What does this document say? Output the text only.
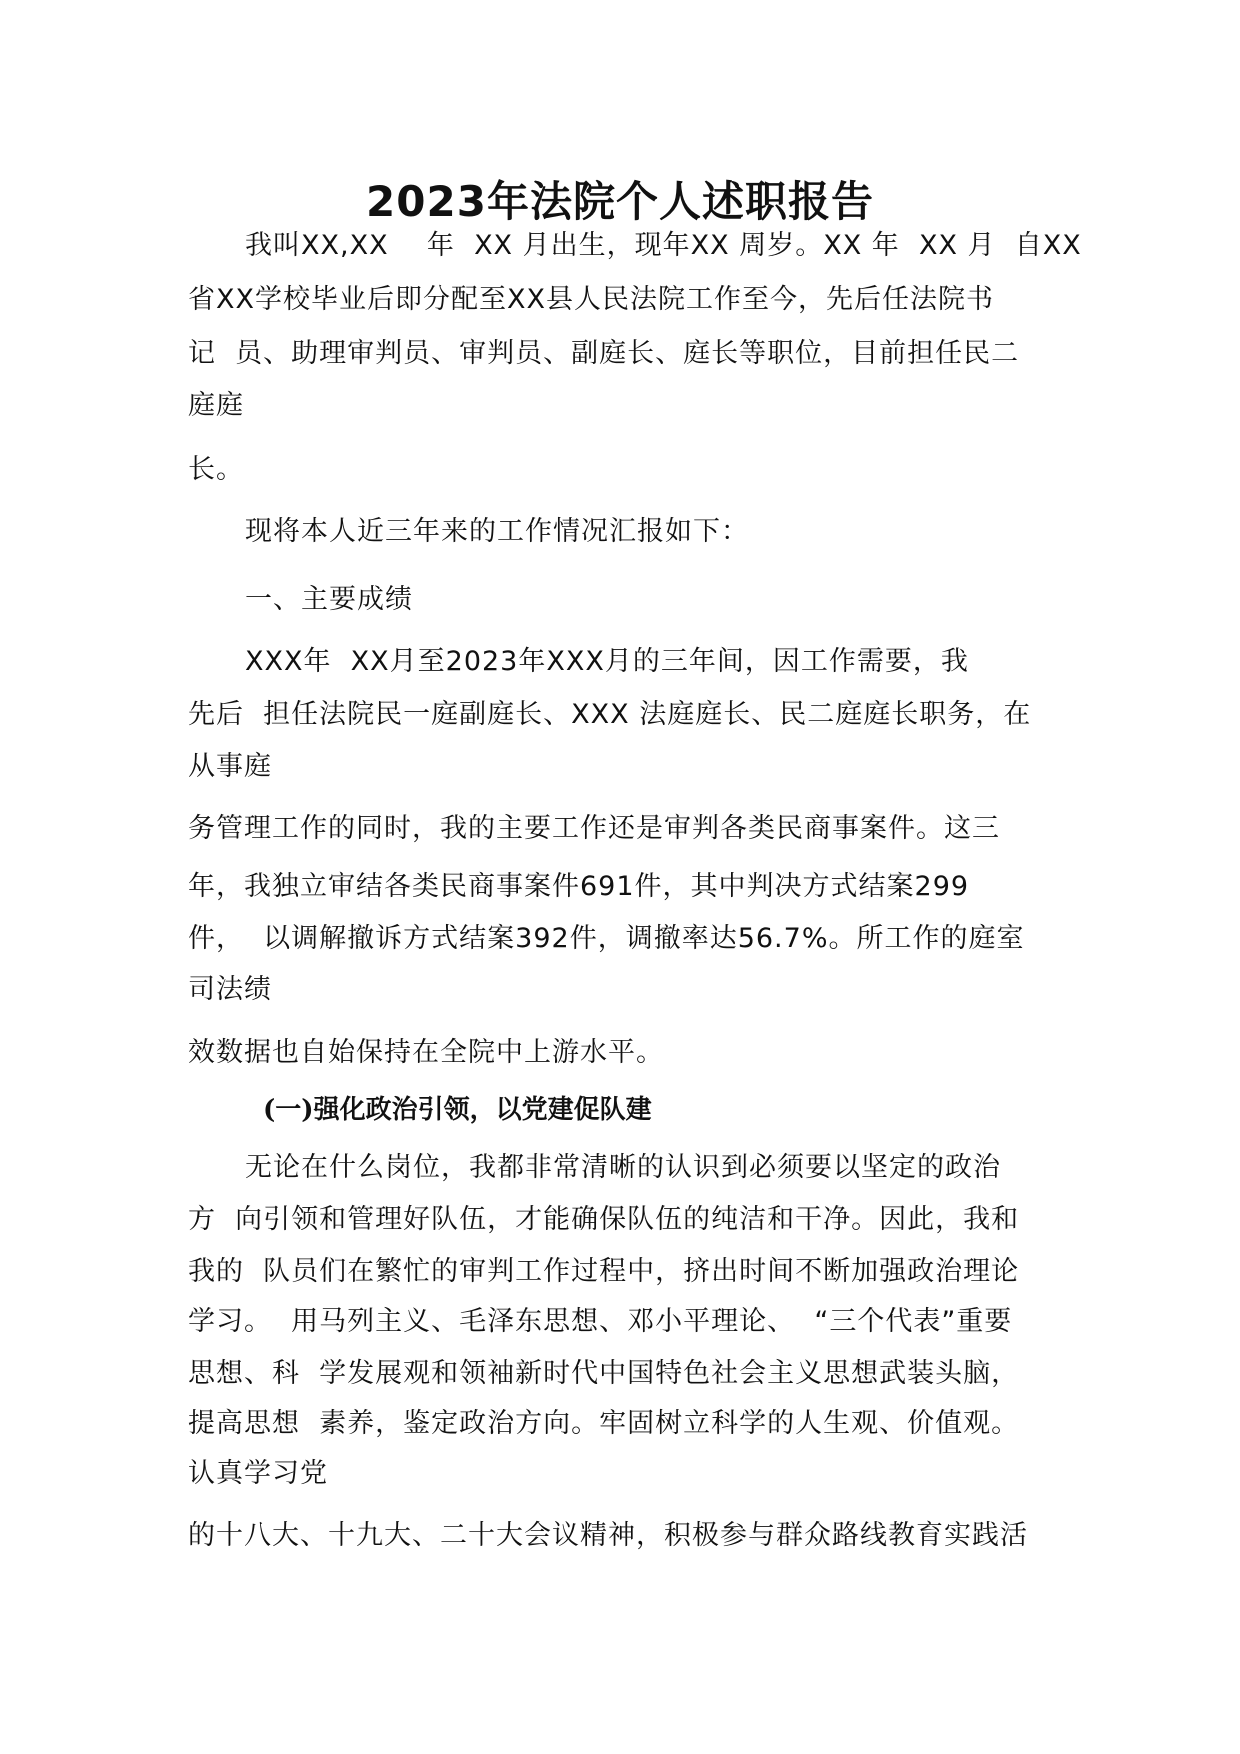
2023年法院个人述职报告
我叫XX,XX    年  XX 月出生，现年XX 周岁。XX 年  XX 月  自XX
省XX学校毕业后即分配至XX县人民法院工作至今，先后任法院书
记  员、助理审判员、审判员、副庭长、庭长等职位，目前担任民二
庭庭
长。
现将本人近三年来的工作情况汇报如下：
一、主要成绩
XXX年  XX月至2023年XXX月的三年间，因工作需要，我
先后  担任法院民一庭副庭长、XXX 法庭庭长、民二庭庭长职务，在
从事庭
务管理工作的同时，我的主要工作还是审判各类民商事案件。这三
年，我独立审结各类民商事案件691件，其中判决方式结案299
件，  以调解撤诉方式结案392件，调撤率达56.7%。所工作的庭室
司法绩
效数据也自始保持在全院中上游水平。
(一)强化政治引领，以党建促队建
无论在什么岗位，我都非常清晰的认识到必须要以坚定的政治
方  向引领和管理好队伍，才能确保队伍的纯洁和干净。因此，我和
我的  队员们在繁忙的审判工作过程中，挤出时间不断加强政治理论
学习。  用马列主义、毛泽东思想、邓小平理论、  “三个代表”重要
思想、科  学发展观和领袖新时代中国特色社会主义思想武装头脑，
提高思想  素养，鉴定政治方向。牢固树立科学的人生观、价值观。
认真学习党
的十八大、十九大、二十大会议精神，积极参与群众路线教育实践活
